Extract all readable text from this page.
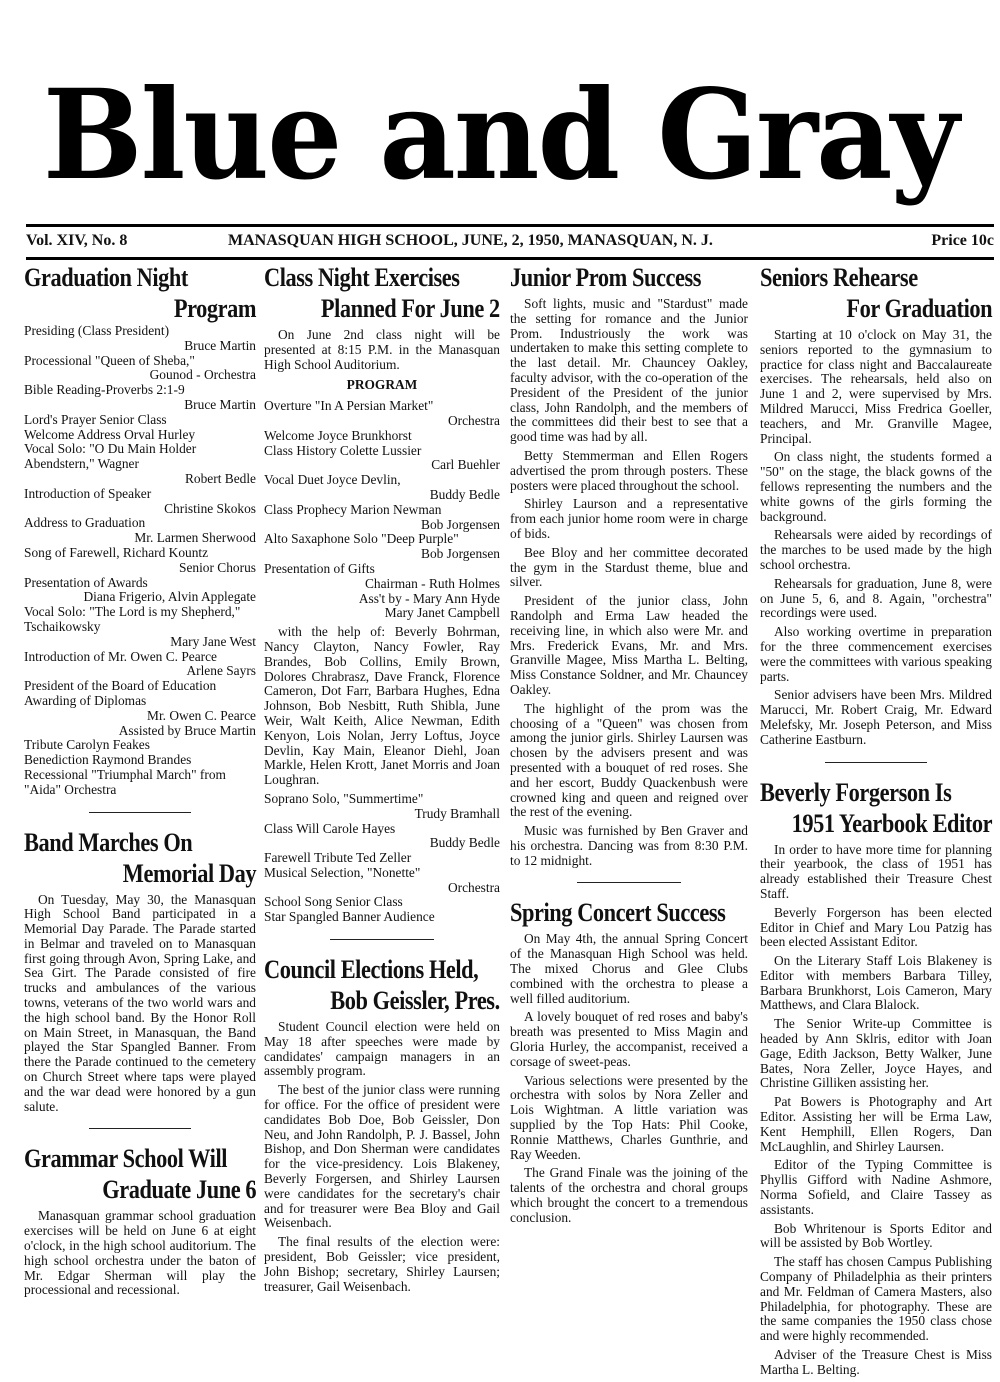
Blue and Gray
Vol. XIV, No. 8	MANASQUAN HIGH SCHOOL, JUNE, 2, 1950, MANASQUAN, N. J.	Price 10c
Graduation Night
Program
Presiding (Class President)
Bruce Martin
Processional "Queen of Sheba,"
Gounod - Orchestra
Bible Reading-Proverbs 2:1-9
Bruce Martin
Lord's Prayer Senior Class
Welcome Address Orval Hurley
Vocal Solo: "O Du Main Holder Abendstern," Wagner
Robert Bedle
Introduction of Speaker
Christine Skokos
Address to Graduation
Mr. Larmen Sherwood
Song of Farewell, Richard Kountz
Senior Chorus
Presentation of Awards
Diana Frigerio, Alvin Applegate
Vocal Solo: "The Lord is my Shepherd," Tschaikowsky
Mary Jane West
Introduction of Mr. Owen C. Pearce
Arlene Sayrs
President of the Board of Education Awarding of Diplomas
Mr. Owen C. Pearce
Assisted by Bruce Martin
Tribute Carolyn Feakes
Benediction Raymond Brandes
Recessional "Triumphal March" from "Aida" Orchestra
Band Marches On
Memorial Day

On Tuesday, May 30, the Manasquan High School Band participated in a Memorial Day Parade. The Parade started in Belmar and traveled on to Manasquan first going through Avon, Spring Lake, and Sea Girt. The Parade consisted of fire trucks and ambulances of the various towns, veterans of the two world wars and the high school band. By the Honor Roll on Main Street, in Manasquan, the Band played the Star Spangled Banner. From there the Parade continued to the cemetery on Church Street where taps were played and the war dead were honored by a gun salute.

Grammar School Will
Graduate June 6

Manasquan grammar school graduation exercises will be held on June 6 at eight o'clock, in the high school auditorium. The high school orchestra under the baton of Mr. Edgar Sherman will play the processional and recessional.

Class Night Exercises
Planned For June 2

On June 2nd class night will be presented at 8:15 P.M. in the Manasquan High School Auditorium.

PROGRAM
Overture "In A Persian Market"
Orchestra
Welcome Joyce Brunkhorst
Class History Colette Lussier
Carl Buehler
Vocal Duet Joyce Devlin,
Buddy Bedle
Class Prophecy Marion Newman
Bob Jorgensen
Alto Saxaphone Solo "Deep Purple"
Bob Jorgensen
Presentation of Gifts
Chairman - Ruth Holmes
Ass't by - Mary Ann Hyde
Mary Janet Campbell

with the help of: Beverly Bohrman, Nancy Clayton, Nancy Fowler, Ray Brandes, Bob Collins, Emily Brown, Dolores Chrabrasz, Dave Franck, Florence Cameron, Dot Farr, Barbara Hughes, Edna Johnson, Bob Nesbitt, Ruth Shibla, June Weir, Walt Keith, Alice Newman, Edith Kenyon, Lois Nolan, Jerry Loftus, Joyce Devlin, Kay Main, Eleanor Diehl, Joan Markle, Helen Krott, Janet Morris and Joan Loughran.

Soprano Solo, "Summertime"
Trudy Bramhall
Class Will Carole Hayes
Buddy Bedle
Farewell Tribute Ted Zeller
Musical Selection, "Nonette"
Orchestra
School Song Senior Class
Star Spangled Banner Audience
Council Elections Held,
Bob Geissler, Pres.

Student Council election were held on May 18 after speeches were made by candidates' campaign managers in an assembly program.

The best of the junior class were running for office. For the office of president were candidates Bob Doe, Bob Geissler, Don Neu, and John Randolph, P. J. Bassel, John Bishop, and Don Sherman were candidates for the vice-presidency. Lois Blakeney, Beverly Forgersen, and Shirley Laursen were candidates for the secretary's chair and for treasurer were Bea Bloy and Gail Weisenbach.

The final results of the election were: president, Bob Geissler; vice president, John Bishop; secretary, Shirley Laursen; treasurer, Gail Weisenbach.

Junior Prom Success

Soft lights, music and "Stardust" made the setting for romance and the Junior Prom. Industriously the work was undertaken to make this setting complete to the last detail. Mr. Chauncey Oakley, faculty advisor, with the co-operation of the President of the President of the junior class, John Randolph, and the members of the committees did their best to see that a good time was had by all.

Betty Stemmerman and Ellen Rogers advertised the prom through posters. These posters were placed throughout the school.

Shirley Laurson and a representative from each junior home room were in charge of bids.

Bee Bloy and her committee decorated the gym in the Stardust theme, blue and silver.

President of the junior class, John Randolph and Erma Law headed the receiving line, in which also were Mr. and Mrs. Frederick Evans, Mr. and Mrs. Granville Magee, Miss Martha L. Belting, Miss Constance Soldner, and Mr. Chauncey Oakley.

The highlight of the prom was the choosing of a "Queen" was chosen from among the junior girls. Shirley Laursen was chosen by the advisers present and was presented with a bouquet of red roses. She and her escort, Buddy Quackenbush were crowned king and queen and reigned over the rest of the evening.

Music was furnished by Ben Graver and his orchestra. Dancing was from 8:30 P.M. to 12 midnight.

Spring Concert Success

On May 4th, the annual Spring Concert of the Manasquan High School was held. The mixed Chorus and Glee Clubs combined with the orchestra to please a well filled auditorium.

A lovely bouquet of red roses and baby's breath was presented to Miss Magin and Gloria Hurley, the accompanist, received a corsage of sweet-peas.

Various selections were presented by the orchestra with solos by Nora Zeller and Lois Wightman. A little variation was supplied by the Top Hats: Phil Cooke, Ronnie Matthews, Charles Gunthrie, and Ray Weeden.

The Grand Finale was the joining of the talents of the orchestra and choral groups which brought the concert to a tremendous conclusion.

Seniors Rehearse
For Graduation

Starting at 10 o'clock on May 31, the seniors reported to the gymnasium to practice for class night and Baccalaureate exercises. The rehearsals, held also on June 1 and 2, were supervised by Mrs. Mildred Marucci, Miss Fredrica Goeller, teachers, and Mr. Granville Magee, Principal.

On class night, the students formed a "50" on the stage, the black gowns of the fellows representing the numbers and the white gowns of the girls forming the background.

Rehearsals were aided by recordings of the marches to be used made by the high school orchestra.

Rehearsals for graduation, June 8, were on June 5, 6, and 8. Again, "orchestra" recordings were used.

Also working overtime in preparation for the three commencement exercises were the committees with various speaking parts.

Senior advisers have been Mrs. Mildred Marucci, Mr. Robert Craig, Mr. Edward Melefsky, Mr. Joseph Peterson, and Miss Catherine Eastburn.

Beverly Forgerson Is
1951 Yearbook Editor

In order to have more time for planning their yearbook, the class of 1951 has already established their Treasure Chest Staff.

Beverly Forgerson has been elected Editor in Chief and Mary Lou Patzig has been elected Assistant Editor.

On the Literary Staff Lois Blakeney is Editor with members Barbara Tilley, Barbara Brunkhorst, Lois Cameron, Mary Matthews, and Clara Blalock.

The Senior Write-up Committee is headed by Ann Sklris, editor with Joan Gage, Edith Jackson, Betty Walker, June Bates, Nora Zeller, Joyce Hayes, and Christine Gilliken assisting her.

Pat Bowers is Photography and Art Editor. Assisting her will be Erma Law, Kent Hemphill, Ellen Rogers, Dan McLaughlin, and Shirley Laursen.

Editor of the Typing Committee is Phyllis Gifford with Nadine Ashmore, Norma Sofield, and Claire Tassey as assistants.

Bob Whritenour is Sports Editor and will be assisted by Bob Wortley.

The staff has chosen Campus Publishing Company of Philadelphia as their printers and Mr. Feldman of Camera Masters, also Philadelphia, for photography. These are the same companies the 1950 class chose and were highly recommended.

Adviser of the Treasure Chest is Miss Martha L. Belting.
